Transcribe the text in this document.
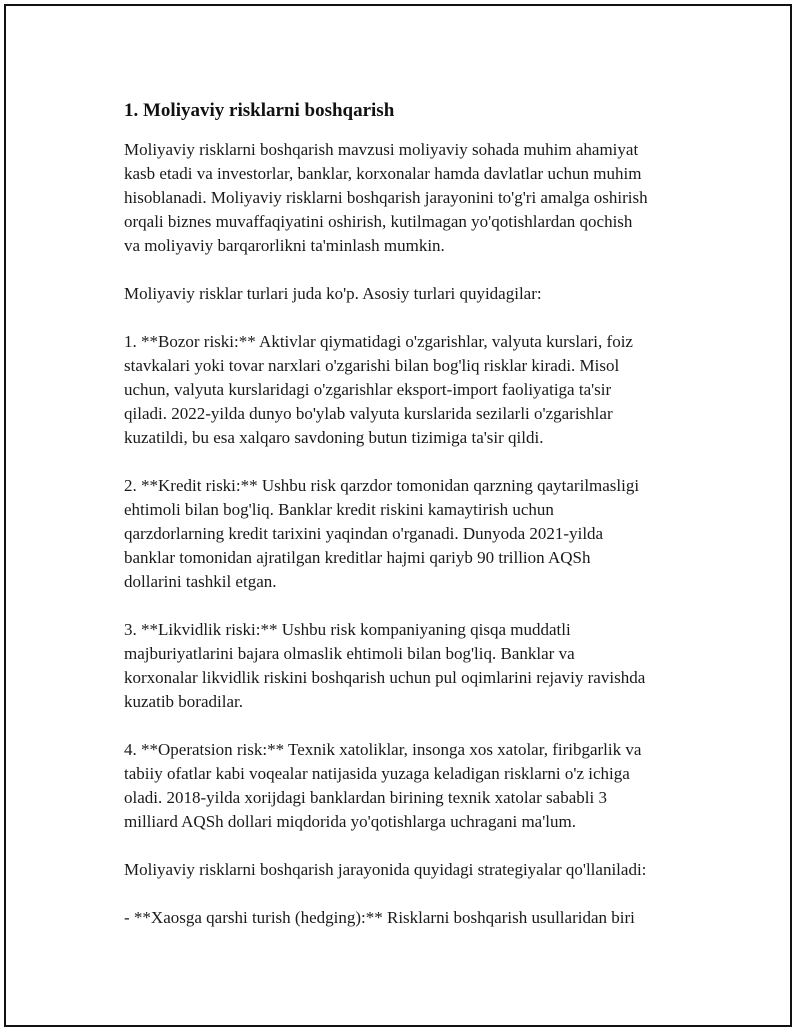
1. Moliyaviy risklarni boshqarish

Moliyaviy risklarni boshqarish mavzusi moliyaviy sohada muhim ahamiyat
kasb etadi va investorlar, banklar, korxonalar hamda davlatlar uchun muhim
hisoblanadi. Moliyaviy risklarni boshqarish jarayonini to'g'ri amalga oshirish
orqali biznes muvaffaqiyatini oshirish, kutilmagan yo'qotishlardan qochish
va moliyaviy barqarorlikni ta'minlash mumkin.

Moliyaviy risklar turlari juda ko'p. Asosiy turlari quyidagilar:

1. **Bozor riski:** Aktivlar qiymatidagi o'zgarishlar, valyuta kurslari, foiz
stavkalari yoki tovar narxlari o'zgarishi bilan bog'liq risklar kiradi. Misol
uchun, valyuta kurslaridagi o'zgarishlar eksport-import faoliyatiga ta'sir
qiladi. 2022-yilda dunyo bo'ylab valyuta kurslarida sezilarli o'zgarishlar
kuzatildi, bu esa xalqaro savdoning butun tizimiga ta'sir qildi.

2. **Kredit riski:** Ushbu risk qarzdor tomonidan qarzning qaytarilmasligi
ehtimoli bilan bog'liq. Banklar kredit riskini kamaytirish uchun
qarzdorlarning kredit tarixini yaqindan o'rganadi. Dunyoda 2021-yilda
banklar tomonidan ajratilgan kreditlar hajmi qariyb 90 trillion AQSh
dollarini tashkil etgan.

3. **Likvidlik riski:** Ushbu risk kompaniyaning qisqa muddatli
majburiyatlarini bajara olmaslik ehtimoli bilan bog'liq. Banklar va
korxonalar likvidlik riskini boshqarish uchun pul oqimlarini rejaviy ravishda
kuzatib boradilar.

4. **Operatsion risk:** Texnik xatoliklar, insonga xos xatolar, firibgarlik va
tabiiy ofatlar kabi voqealar natijasida yuzaga keladigan risklarni o'z ichiga
oladi. 2018-yilda xorijdagi banklardan birining texnik xatolar sababli 3
milliard AQSh dollari miqdorida yo'qotishlarga uchragani ma'lum.

Moliyaviy risklarni boshqarish jarayonida quyidagi strategiyalar qo'llaniladi:

- **Xaosga qarshi turish (hedging):** Risklarni boshqarish usullaridan biri
